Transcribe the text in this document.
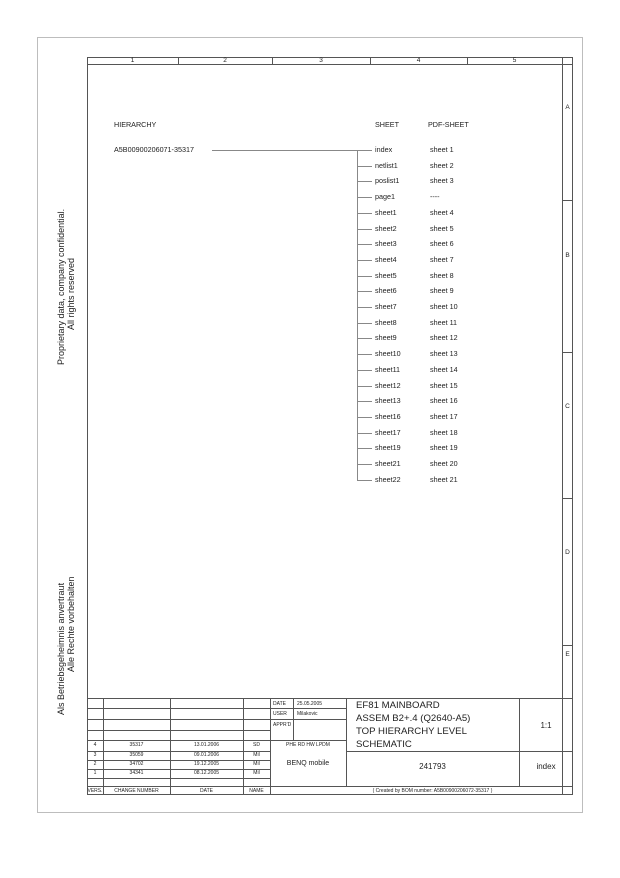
1	2	3	4	5
A
B
C
D
E
Proprietary data, company confidential. All rights reserved
Als Betriebsgeheimnis anvertraut Alle Rechte vorbehalten
HIERARCHY	SHEET	PDF-SHEET
A5B00900206071-35317	index	sheet 1
netlist1	sheet 2
poslist1	sheet 3
page1	----
sheet1	sheet 4
sheet2	sheet 5
sheet3	sheet 6
sheet4	sheet 7
sheet5	sheet 8
sheet6	sheet 9
sheet7	sheet 10
sheet8	sheet 11
sheet9	sheet 12
sheet10	sheet 13
sheet11	sheet 14
sheet12	sheet 15
sheet13	sheet 16
sheet16	sheet 17
sheet17	sheet 18
sheet19	sheet 19
sheet21	sheet 20
sheet22	sheet 21
DATE 25.05.2005
USER Milakovic
APPR'D
PHE RD HW LPDM
BENQ mobile
EF81 MAINBOARD
ASSEM B2+.4 (Q2640-A5)
TOP HIERARCHY LEVEL
SCHEMATIC
1:1
241793	index
( Created by BOM number: A5B00900206072-35317 )
VERS.	CHANGE NUMBER	DATE	NAME
4	35317	13.01.2006	SD
3	35059	09.01.2006	Mil
2	34702	19.12.2005	Mil
1	34341	08.12.2005	Mil
